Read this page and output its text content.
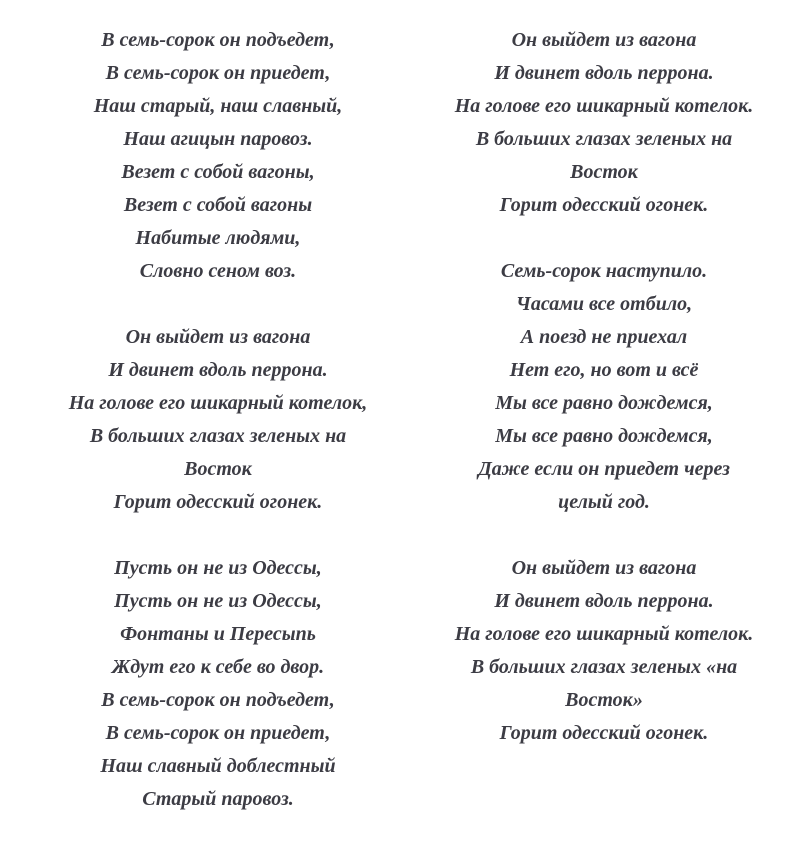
В семь-сорок он подъедет,
В семь-сорок он приедет,
Наш старый, наш славный,
Наш агицын паровоз.
Везет с собой вагоны,
Везет с собой вагоны
Набитые людями,
Словно сеном воз.
Он выйдет из вагона
И двинет вдоль перрона.
На голове его шикарный котелок,
В больших глазах зеленых на
Восток
Горит одесский огонек.
Пусть он не из Одессы,
Пусть он не из Одессы,
Фонтаны и Пересыпь
Ждут его к себе во двор.
В семь-сорок он подъедет,
В семь-сорок он приедет,
Наш славный доблестный
Старый паровоз.
Он выйдет из вагона
И двинет вдоль перрона.
На голове его шикарный котелок.
В больших глазах зеленых на
Восток
Горит одесский огонек.
Семь-сорок наступило.
Часами все отбило,
А поезд не приехал
Нет его, но вот и всё
Мы все равно дождемся,
Мы все равно дождемся,
Даже если он приедет через
целый год.
Он выйдет из вагона
И двинет вдоль перрона.
На голове его шикарный котелок.
В больших глазах зеленых «на
Восток»
Горит одесский огонек.
